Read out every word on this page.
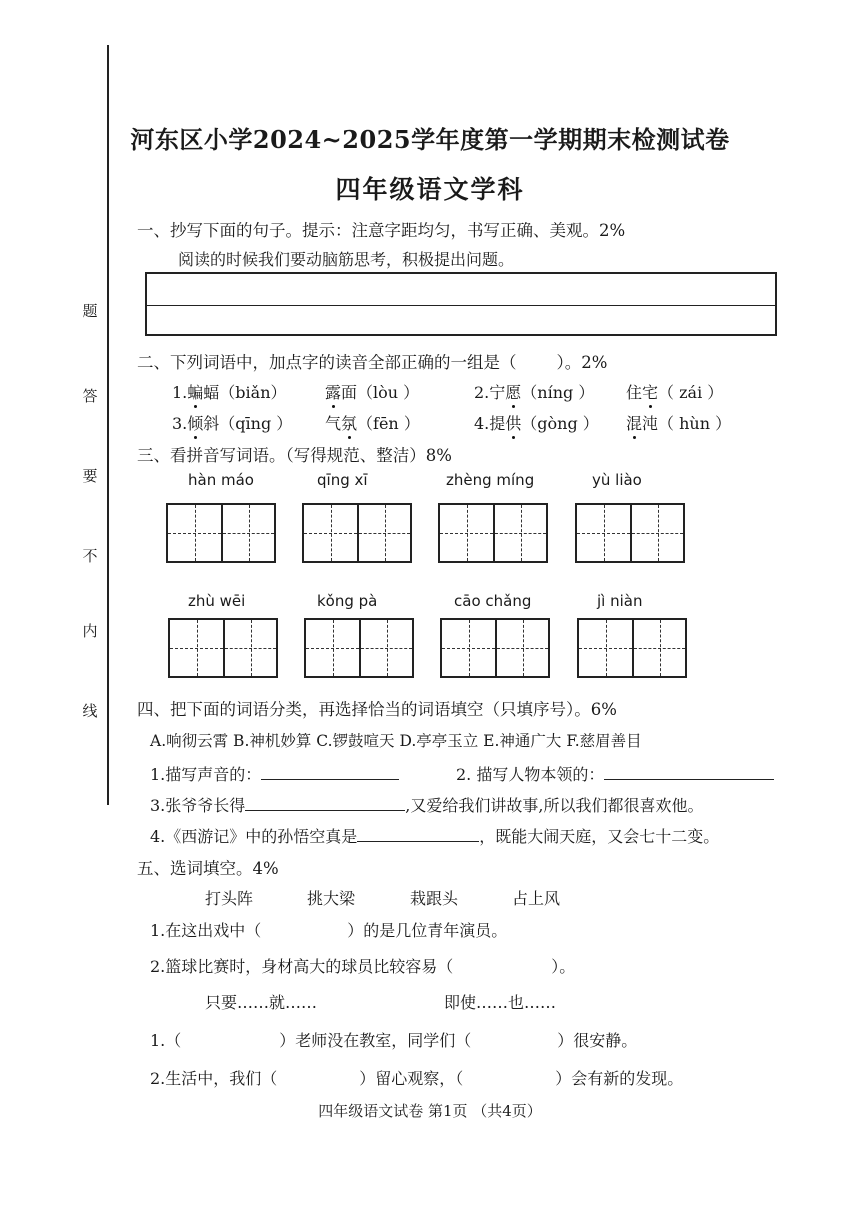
题
答
要
不
内
线
河东区小学2024~2025学年度第一学期期末检测试卷
四年级语文学科
一、抄写下面的句子。提示：注意字距均匀，书写正确、美观。2%
阅读的时候我们要动脑筋思考，积极提出问题。
二、下列词语中，加点字的读音全部正确的一组是（ ）。2%
1.蝙蝠（biǎn） 露面（lòu ）	2.宁愿（níng ） 住宅（ zái ）
3.倾斜（qīng ） 气氛（fēn ）	4.提供（gòng ） 混沌（ hùn ）
三、看拼音写词语。（写得规范、整洁）8%
hàn máo	qīng xī	zhèng míng	yù liào
zhù wēi	kǒng pà	cāo chǎng	jì niàn
四、把下面的词语分类，再选择恰当的词语填空（只填序号）。6%
A.响彻云霄 B.神机妙算 C.锣鼓喧天 D.亭亭玉立 E.神通广大 F.慈眉善目
1.描写声音的：	2. 描写人物本领的：
3.张爷爷长得	,又爱给我们讲故事,所以我们都很喜欢他。
4.《西游记》中的孙悟空真是	，既能大闹天庭，又会七十二变。
五、选词填空。4%
打头阵	挑大梁	栽跟头	占上风
1.在这出戏中（	）的是几位青年演员。
2.篮球比赛时，身材高大的球员比较容易（	）。
只要……就……	即使……也……
1.（	）老师没在教室，同学们（	）很安静。
2.生活中，我们（	）留心观察，（	）会有新的发现。
四年级语文试卷 第1页 （共4页）
